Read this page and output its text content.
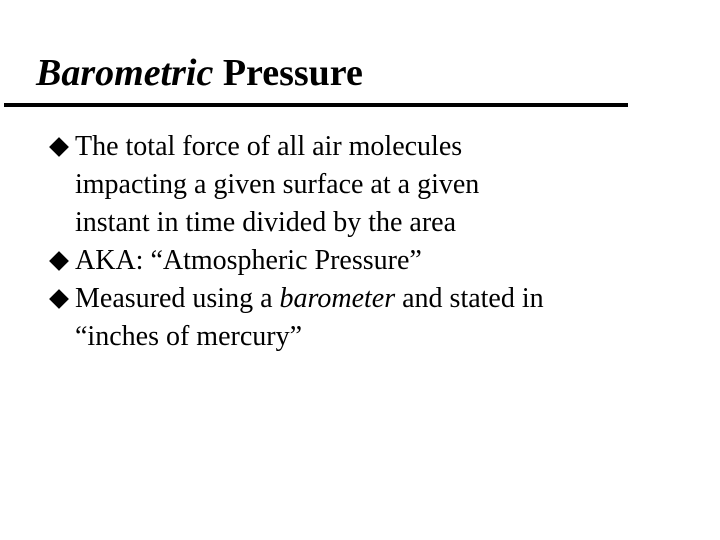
Barometric Pressure
The total force of all air molecules
impacting a given surface at a given
instant in time divided by the area
AKA: “Atmospheric Pressure”
Measured using a barometer and stated in
“inches of mercury”
